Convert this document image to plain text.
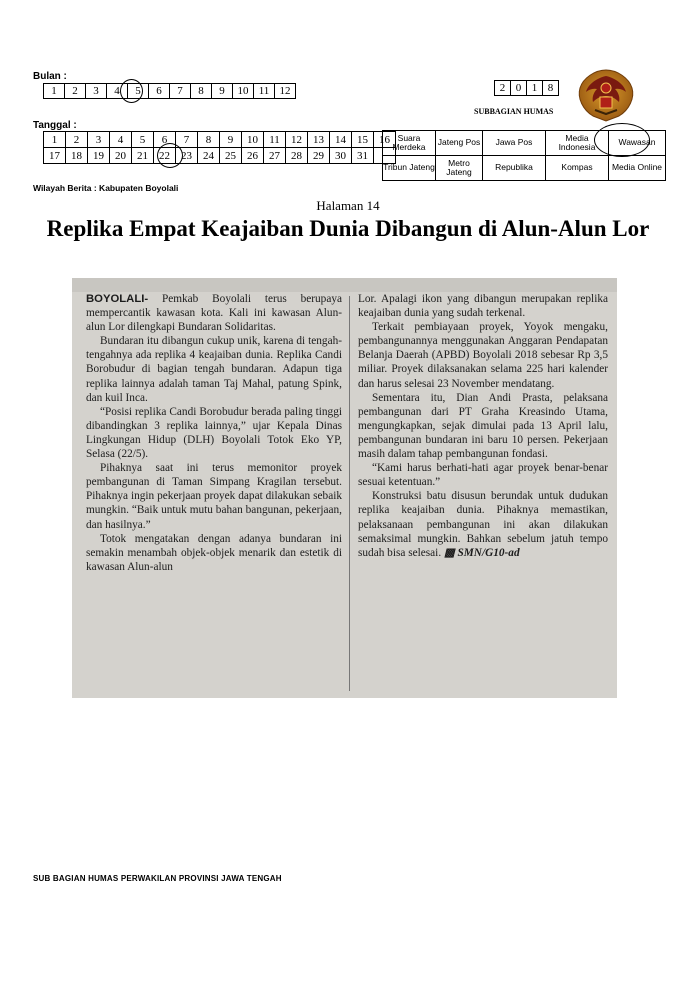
Bulan :
1	2	3	4	5	6	7	8	9	10	11	12
Tanggal :
1	2	3	4	5	6	7	8	9	10	11	12	13	14	15	16
17	18	19	20	21	22	23	24	25	26	27	28	29	30	31	
2	0	1	8
SUBBAGIAN HUMAS
Suara Merdeka	Jateng Pos	Jawa Pos	Media Indonesia	Wawasan
Tribun Jateng	Metro Jateng	Republika	Kompas	Media Online
Wilayah Berita : Kabupaten Boyolali
Halaman 14
Replika Empat Keajaiban Dunia Dibangun di Alun-Alun Lor

BOYOLALI- Pemkab Boyolali terus berupaya mempercantik kawasan kota. Kali ini kawasan Alun-alun Lor dilengkapi Bundaran Solidaritas.

Bundaran itu dibangun cukup unik, karena di tengah-tengahnya ada replika 4 keajaiban dunia. Replika Candi Borobudur di bagian tengah bundaran. Adapun tiga replika lainnya adalah taman Taj Mahal, patung Spink, dan kuil Inca.

“Posisi replika Candi Borobudur berada paling tinggi dibandingkan 3 replika lainnya,” ujar Kepala Dinas Lingkungan Hidup (DLH) Boyolali Totok Eko YP, Selasa (22/5).

Pihaknya saat ini terus memonitor proyek pembangunan di Taman Simpang Kragilan tersebut. Pihaknya ingin pekerjaan proyek dapat dilakukan sebaik mungkin. “Baik untuk mutu bahan bangunan, pekerjaan, dan hasilnya.”

Totok mengatakan dengan adanya bundaran ini semakin menambah objek-objek menarik dan estetik di kawasan Alun-alun

Lor. Apalagi ikon yang dibangun merupakan replika keajaiban dunia yang sudah terkenal.

Terkait pembiayaan proyek, Yoyok mengaku, pembangunannya menggunakan Anggaran Pendapatan Belanja Daerah (APBD) Boyolali 2018 sebesar Rp 3,5 miliar. Proyek dilaksanakan selama 225 hari kalender dan harus selesai 23 November mendatang.

Sementara itu, Dian Andi Prasta, pelaksana pembangunan dari PT Graha Kreasindo Utama, mengungkapkan, sejak dimulai pada 13 April lalu, pembangunan bundaran ini baru 10 persen. Pekerjaan masih dalam tahap pembangunan fondasi.

“Kami harus berhati-hati agar proyek benar-benar sesuai ketentuan.”

Konstruksi batu disusun berundak untuk dudukan replika keajaiban dunia. Pihaknya memastikan, pelaksanaan pembangunan ini akan dilakukan semaksimal mungkin. Bahkan sebelum jatuh tempo sudah bisa selesai. ▩ SMN/G10-ad

SUB BAGIAN HUMAS PERWAKILAN PROVINSI JAWA TENGAH
